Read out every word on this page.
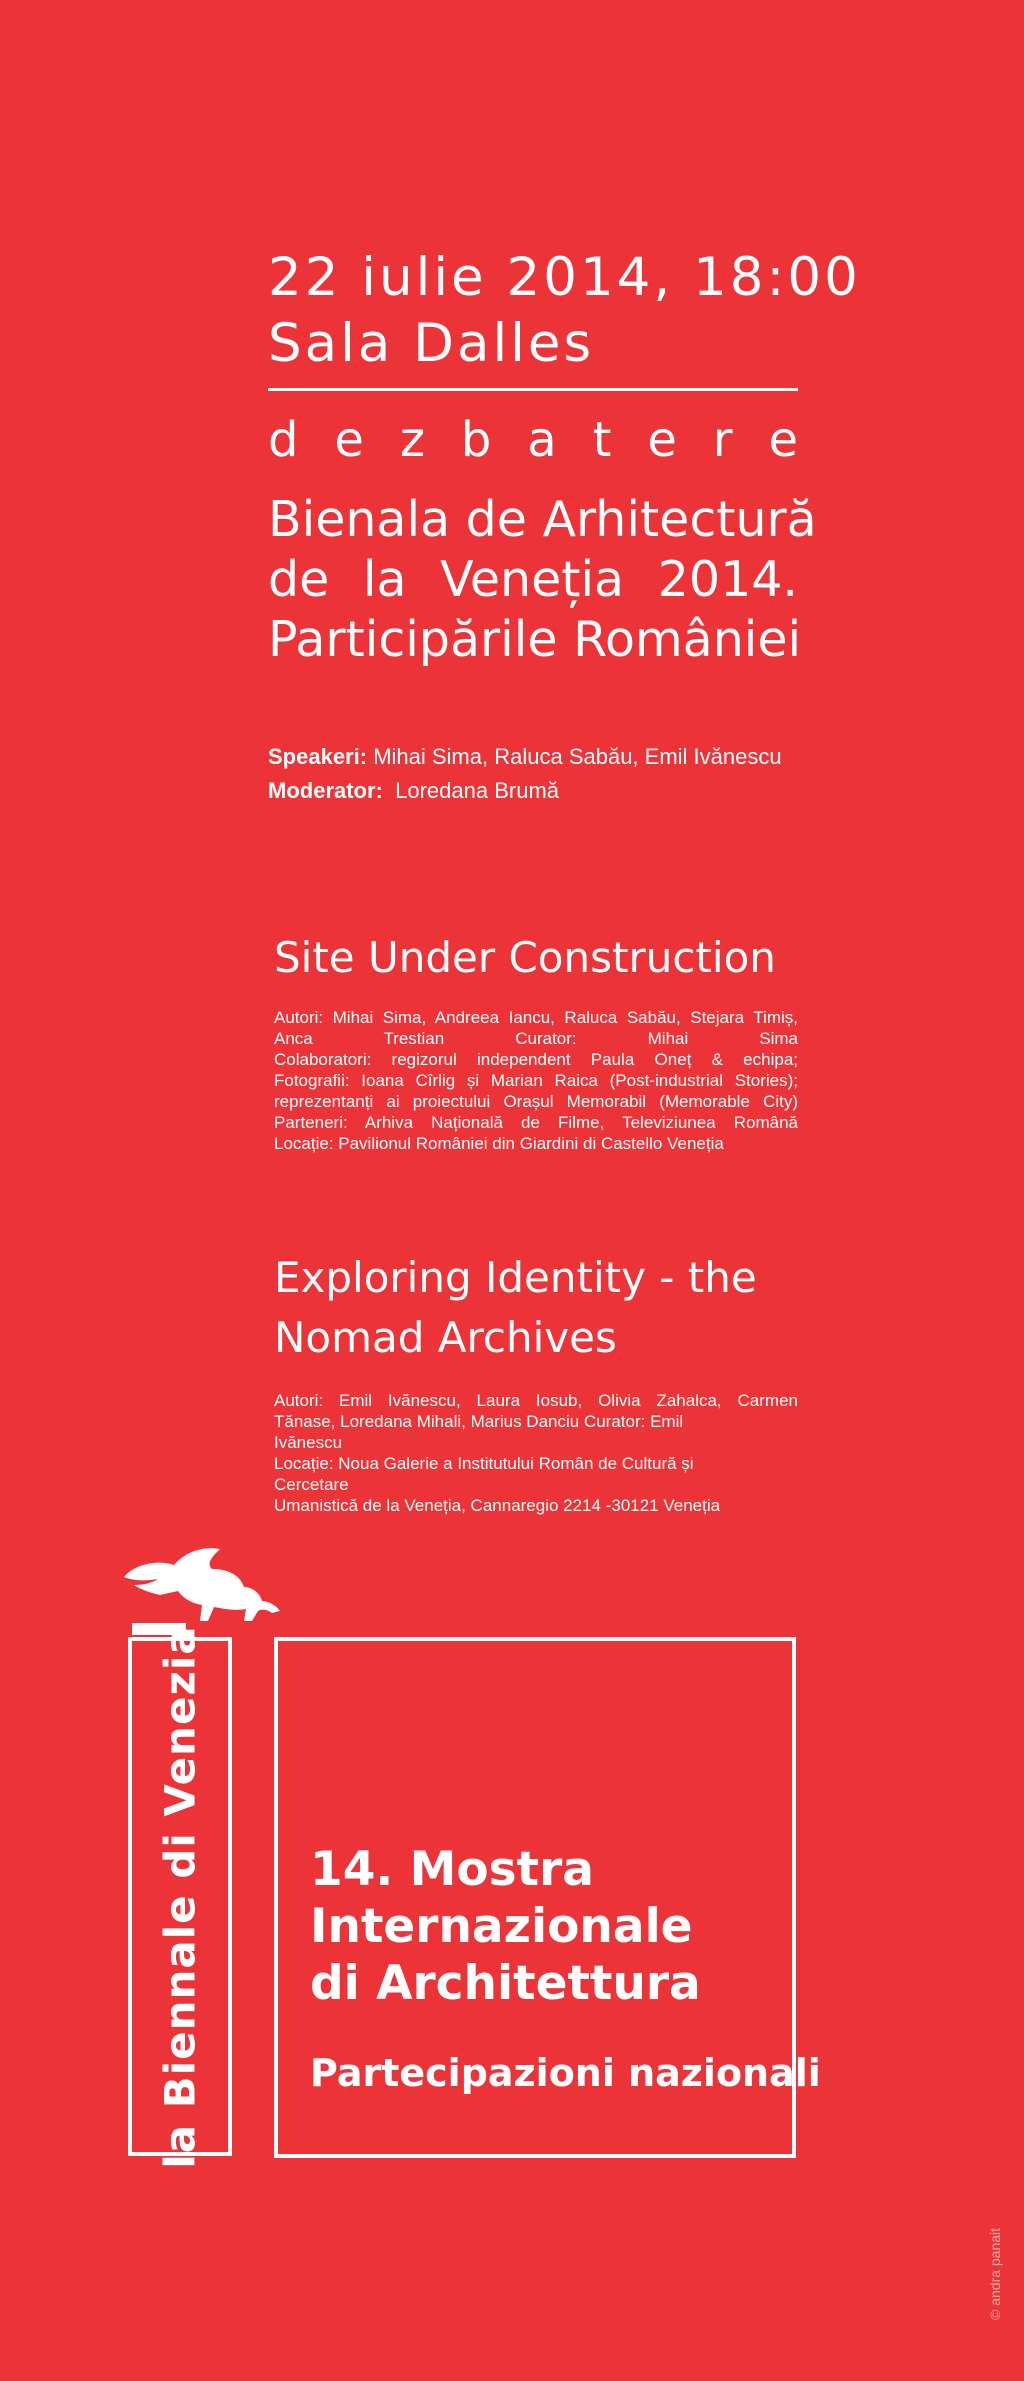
22 iulie 2014, 18:00
Sala Dalles
d e z b a t e r e
Bienala de Arhitectură
de la Veneția 2014.
Participările României
Speakeri: Mihai Sima, Raluca Sabău, Emil Ivănescu
Moderator: Loredana Brumă
Site Under Construction
Autori: Mihai Sima, Andreea Iancu, Raluca Sabău, Stejara Timiș,
Anca Trestian Curator: Mihai Sima
Colaboratori: regizorul independent Paula Oneț & echipa;
Fotografii: Ioana Cîrlig și Marian Raica (Post-industrial Stories);
reprezentanți ai proiectului Orașul Memorabil (Memorable City)
Parteneri: Arhiva Națională de Filme, Televiziunea Română
Locație: Pavilionul României din Giardini di Castello Veneția
Exploring Identity - the
Nomad Archives
Autori: Emil Ivănescu, Laura Iosub, Olivia Zahalca, Carmen
Tănase, Loredana Mihali, Marius Danciu Curator: Emil
Ivănescu
Locație: Noua Galerie a Institutului Român de Cultură și
Cercetare
Umanistică de la Veneția, Cannaregio 2214 -30121 Veneția
la Biennale di Venezia 14. Mostra
Internazionale
di Architettura
Partecipazioni nazionali
© andra panait
